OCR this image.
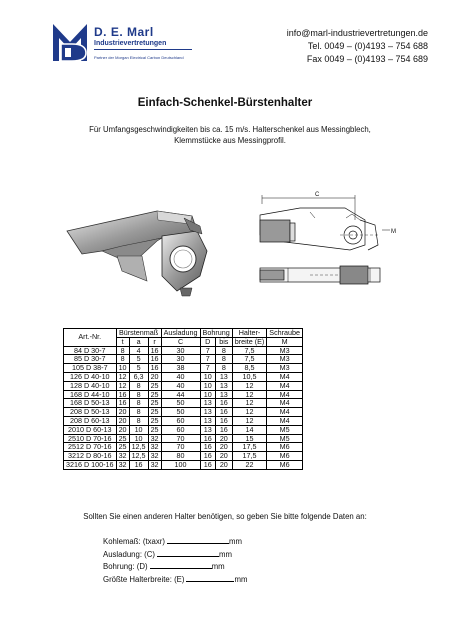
D. E. Marl
Industrievertretungen
Partner der Morgan Electrical Carbon Deutschland
info@marl-industrievertretungen.de
Tel. 0049 – (0)4193 – 754 688
Fax 0049 – (0)4193 – 754 689
Einfach-Schenkel-Bürstenhalter
Für Umfangsgeschwindigkeiten bis ca. 15 m/s. Halterschenkel aus Messingblech,
Klemmstücke aus Messingprofil.
C
M
Art.-Nr.	Bürstenmaß			Ausladung	Bohrung		Halter-	Schraube
	t	a	r	C	D	bis	breite (E)	M
84 D 30-7	8	4	16	30	7	8	7,5	M3
85 D 30-7	8	5	16	30	7	8	7,5	M3
105 D 38-7	10	5	16	38	7	8	8,5	M3
126 D 40-10	12	6,3	20	40	10	13	10,5	M4
128 D 40-10	12	8	25	40	10	13	12	M4
168 D 44-10	16	8	25	44	10	13	12	M4
168 D 50-13	16	8	25	50	13	16	12	M4
208 D 50-13	20	8	25	50	13	16	12	M4
208 D 60-13	20	8	25	60	13	16	12	M4
2010 D 60-13	20	10	25	60	13	16	14	M5
2510 D 70-16	25	10	32	70	16	20	15	M5
2512 D 70-16	25	12,5	32	70	16	20	17,5	M6
3212 D 80-16	32	12,5	32	80	16	20	17,5	M6
3216 D 100-16	32	16	32	100	16	20	22	M6
Sollten Sie einen anderen Halter benötigen, so geben Sie bitte folgende Daten an:
Kohlemaß: (txaxr)	mm
Ausladung: (C)	mm
Bohrung: (D)	mm
Größte Halterbreite: (E)	mm
